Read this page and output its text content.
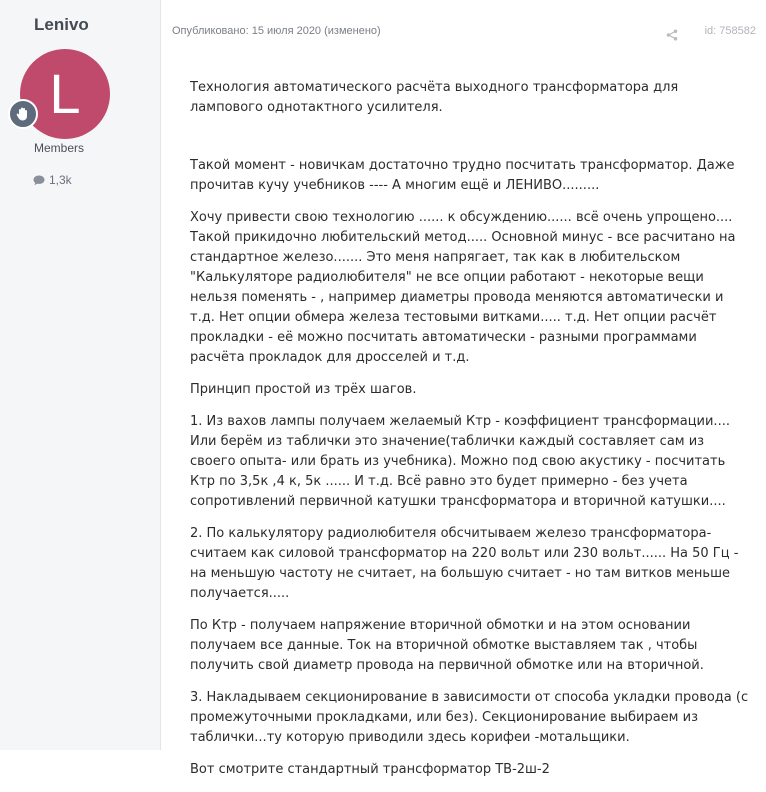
Lenivo
L
Members
1,3k
Опубликовано: 15 июля 2020 (изменено)	id: 758582

Технология автоматического расчёта выходного трансформатора для лампового однотактного усилителя.

Такой момент - новичкам достаточно трудно посчитать трансформатор. Даже прочитав кучу учебников ---- А многим ещё и ЛЕНИВО.........

Хочу привести свою технологию ...... к обсуждению...... всё очень упрощено.... Такой прикидочно любительский метод..... Основной минус - все расчитано на стандартное железо....... Это меня напрягает, так как в любительском "Калькуляторе радиолюбителя" не все опции работают - некоторые вещи нельзя поменять - , например диаметры провода меняются автоматически и т.д. Нет опции обмера железа тестовыми витками..... т.д. Нет опции расчёт прокладки - её можно посчитать автоматически - разными программами расчёта прокладок для дросселей и т.д.

Принцип простой из трёх шагов.

1. Из вахов лампы получаем желаемый Ктр - коэффициент трансформации.... Или берём из таблички это значение(таблички каждый составляет сам из своего опыта- или брать из учебника). Можно под свою акустику - посчитать Ктр по 3,5к ,4 к, 5к ...... И т.д. Всё равно это будет примерно - без учета сопротивлений первичной катушки трансформатора и вторичной катушки....

2. По калькулятору радиолюбителя обсчитываем железо трансформатора- считаем как силовой трансформатор на 220 вольт или 230 вольт...... На 50 Гц - на меньшую частоту не считает, на большую считает - но там витков меньше получается.....

По Ктр - получаем напряжение вторичной обмотки и на этом основании получаем все данные. Ток на вторичной обмотке выставляем так , чтобы получить свой диаметр провода на первичной обмотке или на вторичной.

3. Накладываем секционирование в зависимости от способа укладки провода (с промежуточными прокладками, или без). Секционирование выбираем из таблички...ту которую приводили здесь корифеи -мотальщики.

Вот смотрите стандартный трансформатор ТВ-2ш-2
